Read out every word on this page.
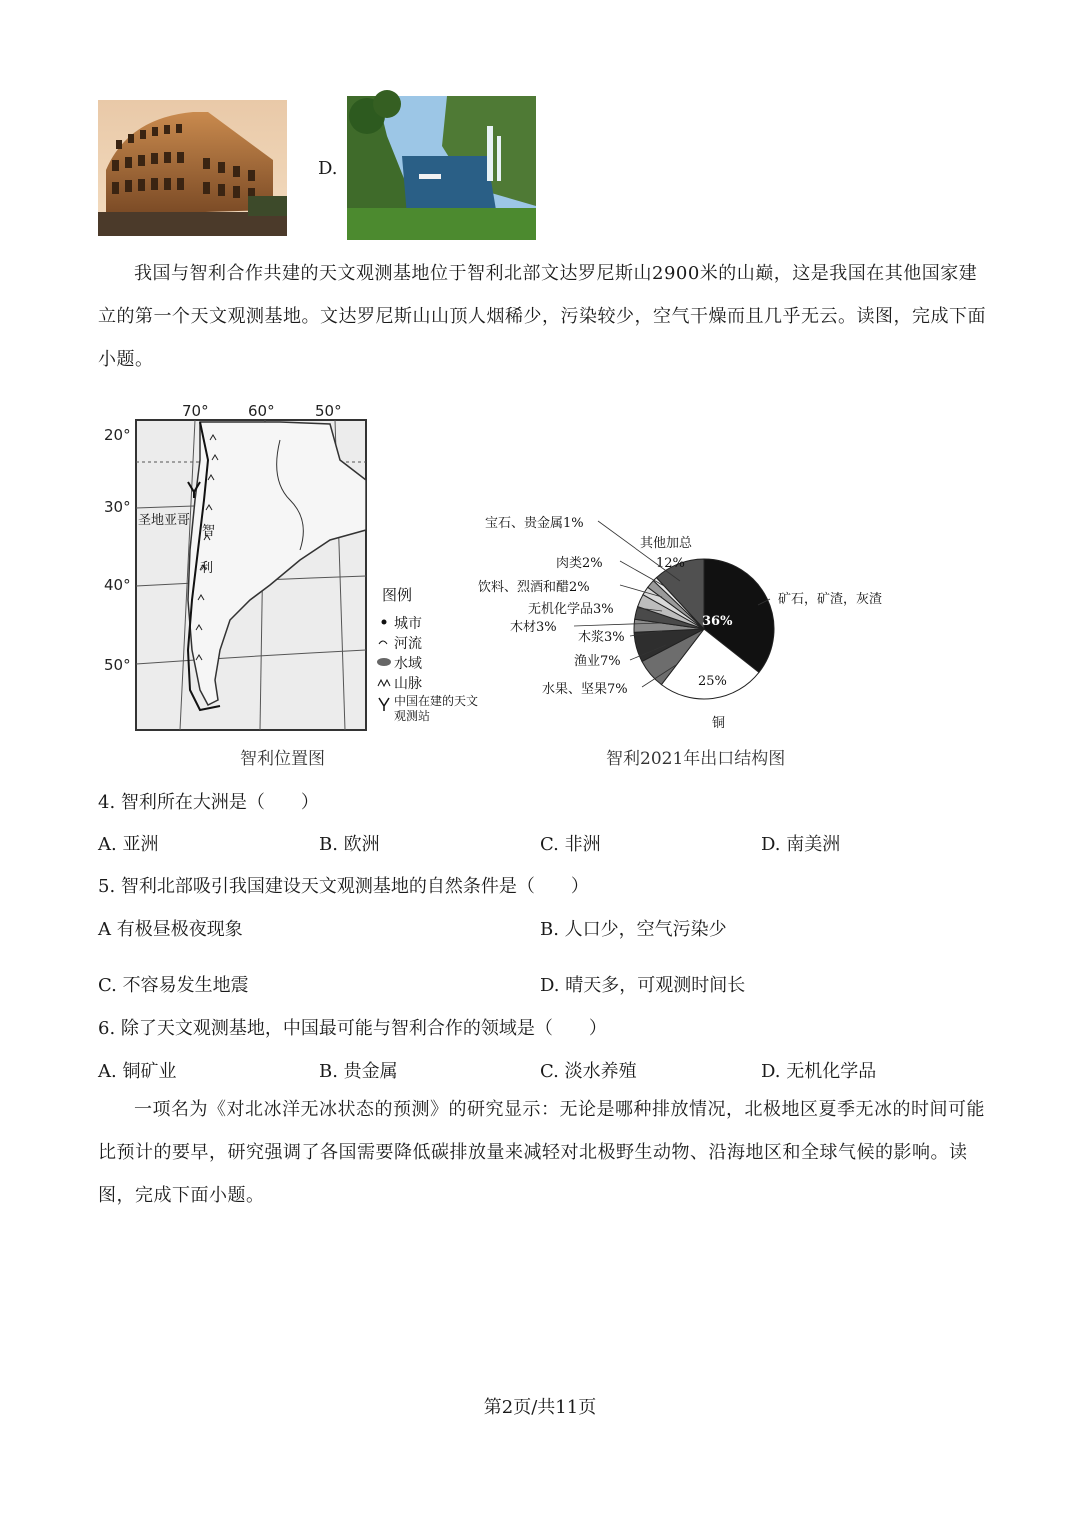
D.
我国与智利合作共建的天文观测基地位于智利北部文达罗尼斯山2900米的山巅，这是我国在其他国家建立的第一个天文观测基地。文达罗尼斯山山顶人烟稀少，污染较少，空气干燥而且几乎无云。读图，完成下面小题。
70°	60°	50°
20°
30°
40°
50°
圣地亚哥
智
利
图例
城市
河流
水域
山脉
中国在建的天文观测站
智利位置图
宝石、贵金属1%
其他加总
12%
肉类2%
饮料、烈酒和醋2%
无机化学品3%
木材3%
木浆3%
渔业7%
水果、坚果7%
矿石，矿渣，灰渣
36%
25%
铜
智利2021年出口结构图
4. 智利所在大洲是（　　）
A. 亚洲	B. 欧洲	C. 非洲	D. 南美洲
5. 智利北部吸引我国建设天文观测基地的自然条件是（　　）
A 有极昼极夜现象	B. 人口少，空气污染少
C. 不容易发生地震	D. 晴天多，可观测时间长
6. 除了天文观测基地，中国最可能与智利合作的领域是（　　）
A. 铜矿业	B. 贵金属	C. 淡水养殖	D. 无机化学品
一项名为《对北冰洋无冰状态的预测》的研究显示：无论是哪种排放情况，北极地区夏季无冰的时间可能比预计的要早，研究强调了各国需要降低碳排放量来减轻对北极野生动物、沿海地区和全球气候的影响。读图，完成下面小题。
第2页/共11页
